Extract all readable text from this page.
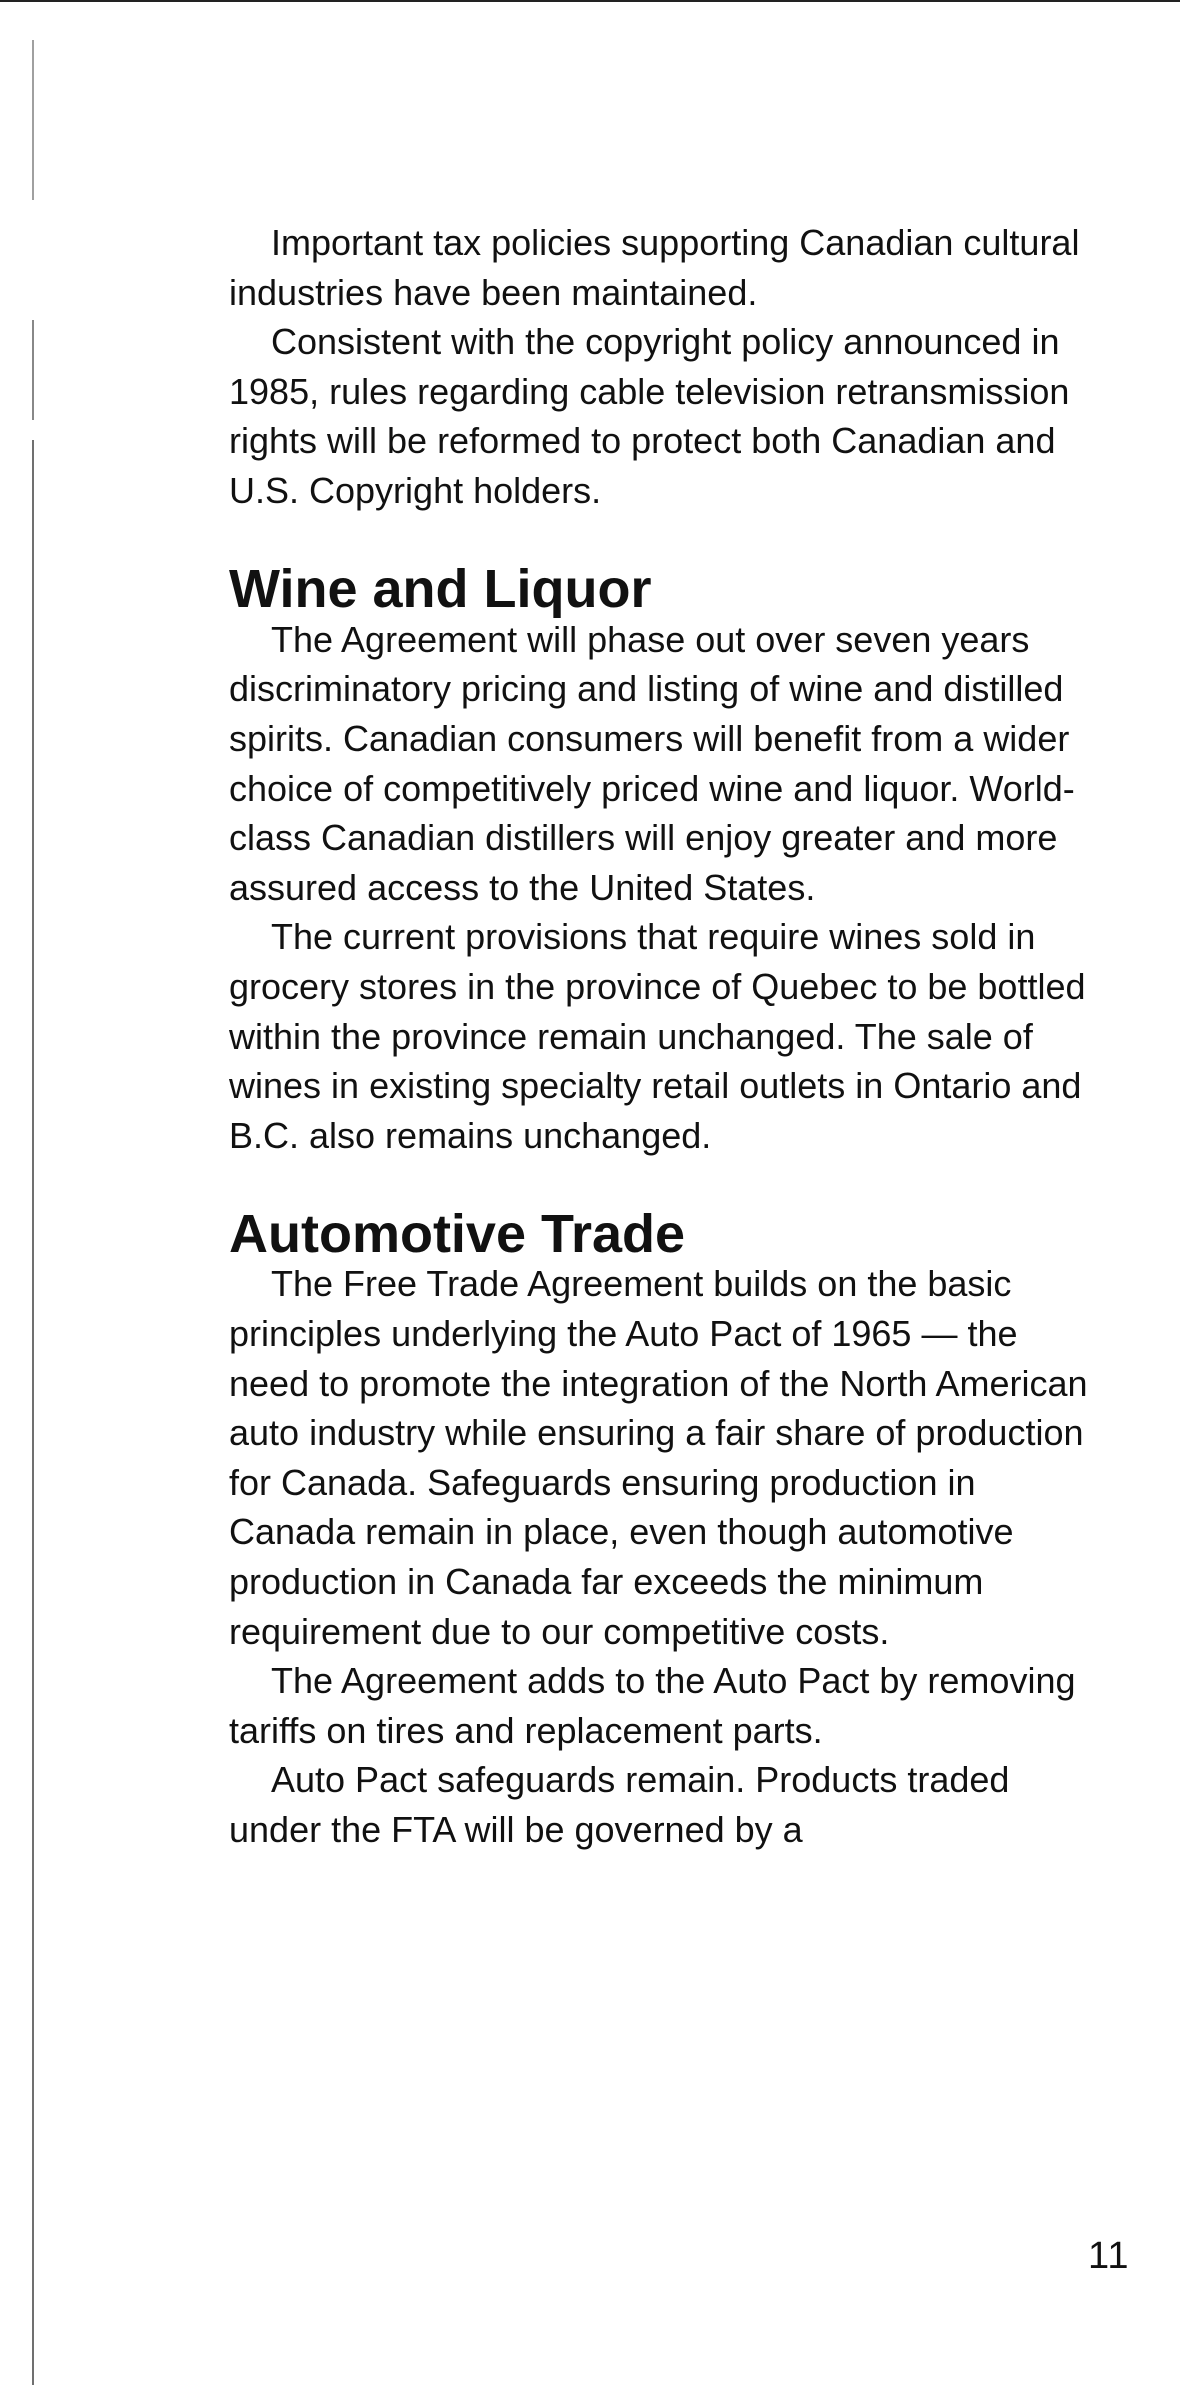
Important tax policies supporting Canadian cultural industries have been maintained.

Consistent with the copyright policy announced in 1985, rules regarding cable television retransmission rights will be reformed to protect both Canadian and U.S. Copyright holders.

Wine and Liquor

The Agreement will phase out over seven years discriminatory pricing and listing of wine and distilled spirits. Canadian consumers will benefit from a wider choice of competitively priced wine and liquor. World-class Canadian distillers will enjoy greater and more assured access to the United States.

The current provisions that require wines sold in grocery stores in the province of Quebec to be bottled within the province remain unchanged. The sale of wines in existing specialty retail outlets in Ontario and B.C. also remains unchanged.

Automotive Trade

The Free Trade Agreement builds on the basic principles underlying the Auto Pact of 1965 — the need to promote the integration of the North American auto industry while ensuring a fair share of production for Canada. Safeguards ensuring production in Canada remain in place, even though automotive production in Canada far exceeds the minimum requirement due to our competitive costs.

The Agreement adds to the Auto Pact by removing tariffs on tires and replacement parts.

Auto Pact safeguards remain. Products traded under the FTA will be governed by a

11
